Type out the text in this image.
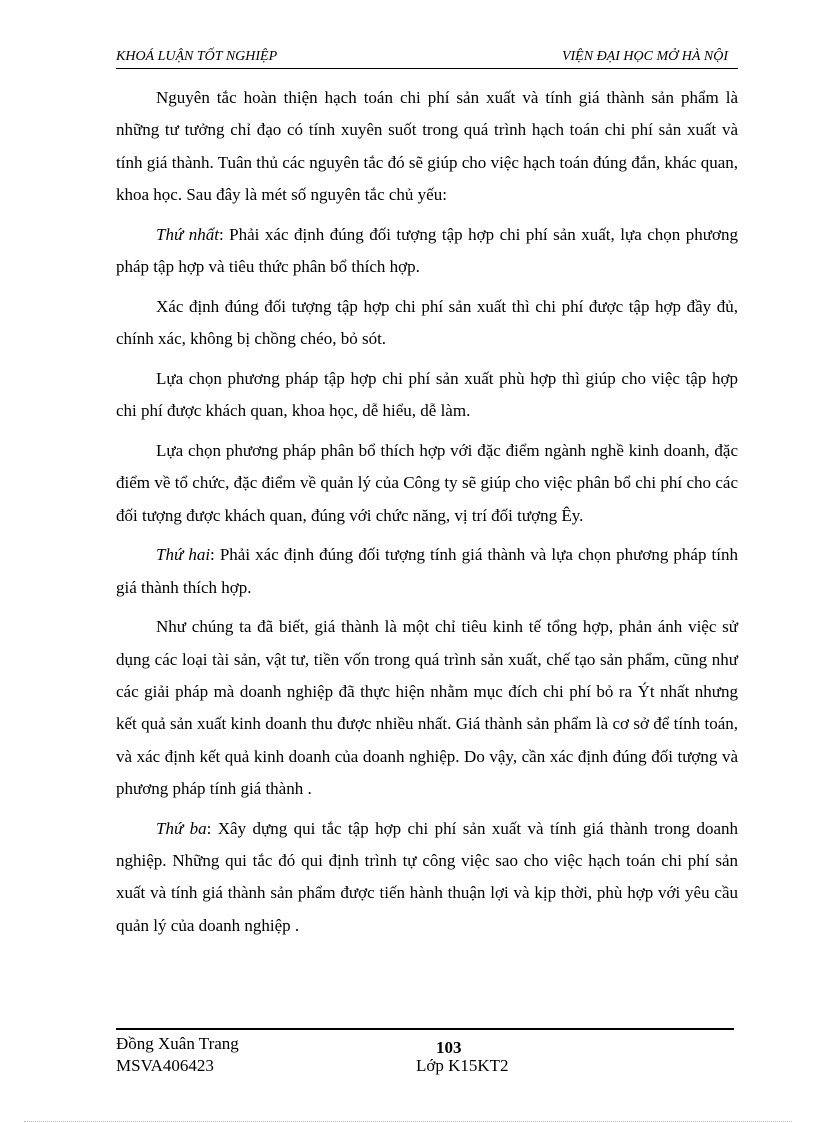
KHOÁ LUẬN TỐT NGHIỆP	VIỆN ĐẠI HỌC MỞ HÀ NỘI

Nguyên tắc hoàn thiện hạch toán chi phí sản xuất và tính giá thành sản phẩm là những tư tưởng chỉ đạo có tính xuyên suốt trong quá trình hạch toán chi phí sản xuất và tính giá thành. Tuân thủ các nguyên tắc đó sẽ giúp cho việc hạch toán đúng đắn, khác quan, khoa học. Sau đây là mét số nguyên tắc chủ yếu:

Thứ nhất: Phải xác định đúng đối tượng tập hợp chi phí sản xuất, lựa chọn phương pháp tập hợp và tiêu thức phân bổ thích hợp.

Xác định đúng đối tượng tập hợp chi phí sản xuất thì chi phí được tập hợp đầy đủ, chính xác, không bị chồng chéo, bỏ sót.

Lựa chọn phương pháp tập hợp chi phí sản xuất phù hợp thì giúp cho việc tập hợp chi phí được khách quan, khoa học, dễ hiểu, dễ làm.

Lựa chọn phương pháp phân bổ thích hợp với đặc điểm ngành nghề kinh doanh, đặc điểm về tổ chức, đặc điểm về quản lý của Công ty sẽ giúp cho việc phân bổ chi phí cho các đối tượng được khách quan, đúng với chức năng, vị trí đối tượng Êy.

Thứ hai: Phải xác định đúng đối tượng tính giá thành và lựa chọn phương pháp tính giá thành thích hợp.

Như chúng ta đã biết, giá thành là một chỉ tiêu kinh tế tổng hợp, phản ánh việc sử dụng các loại tài sản, vật tư, tiền vốn trong quá trình sản xuất, chế tạo sản phẩm, cũng như các giải pháp mà doanh nghiệp đã thực hiện nhằm mục đích chi phí bỏ ra Ýt nhất nhưng kết quả sản xuất kinh doanh thu được nhiều nhất. Giá thành sản phẩm là cơ sở để tính toán, và xác định kết quả kinh doanh của doanh nghiệp. Do vậy, cần xác định đúng đối tượng và phương pháp tính giá thành .

Thứ ba: Xây dựng qui tắc tập hợp chi phí sản xuất và tính giá thành trong doanh nghiệp. Những qui tắc đó qui định trình tự công việc sao cho việc hạch toán chi phí sản xuất và tính giá thành sản phẩm được tiến hành thuận lợi và kịp thời, phù hợp với yêu cầu quản lý của doanh nghiệp .

Đồng Xuân Trang
MSVA406423
103
Lớp K15KT2
